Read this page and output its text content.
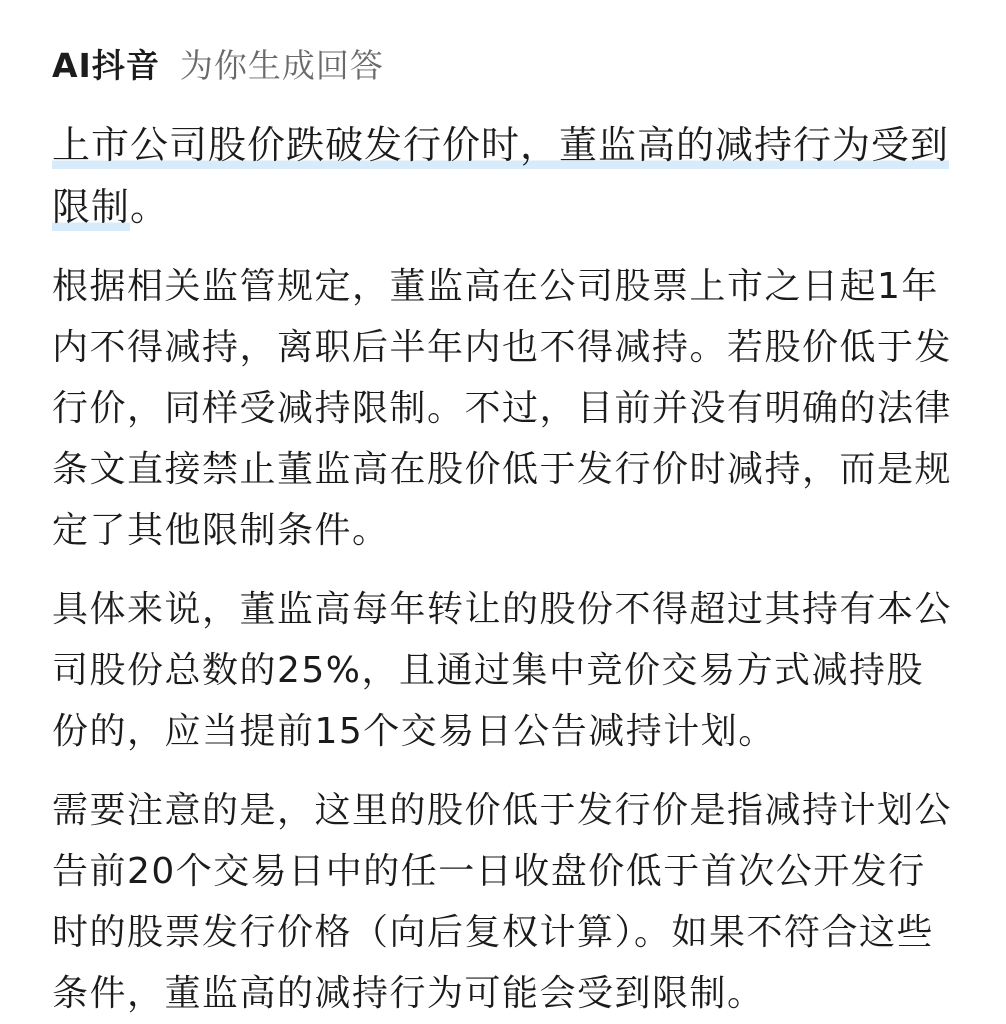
AI抖音 为你生成回答

上市公司股价跌破发行价时，董监高的减持行为受到限制。

根据相关监管规定，董监高在公司股票上市之日起1年内不得减持，离职后半年内也不得减持。若股价低于发行价，同样受减持限制。不过，目前并没有明确的法律条文直接禁止董监高在股价低于发行价时减持，而是规定了其他限制条件。

具体来说，董监高每年转让的股份不得超过其持有本公司股份总数的25%，且通过集中竞价交易方式减持股份的，应当提前15个交易日公告减持计划。

需要注意的是，这里的股价低于发行价是指减持计划公告前20个交易日中的任一日收盘价低于首次公开发行时的股票发行价格（向后复权计算）。如果不符合这些条件，董监高的减持行为可能会受到限制。
